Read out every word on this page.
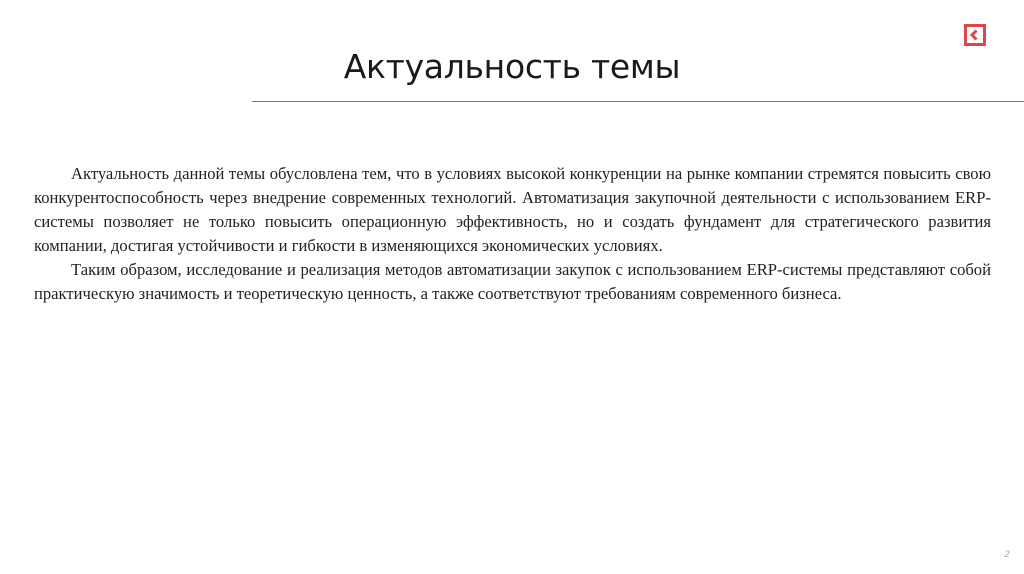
Актуальность темы

Актуальность данной темы обусловлена тем, что в условиях высокой конкуренции на рынке компании стремятся повысить свою конкурентоспособность через внедрение современных технологий. Автоматизация закупочной деятельности с использованием ERP-системы позволяет не только повысить операционную эффективность, но и создать фундамент для стратегического развития компании, достигая устойчивости и гибкости в изменяющихся экономических условиях.

Таким образом, исследование и реализация методов автоматизации закупок с использованием ERP-системы представляют собой практическую значимость и теоретическую ценность, а также соответствуют требованиям современного бизнеса.

2
